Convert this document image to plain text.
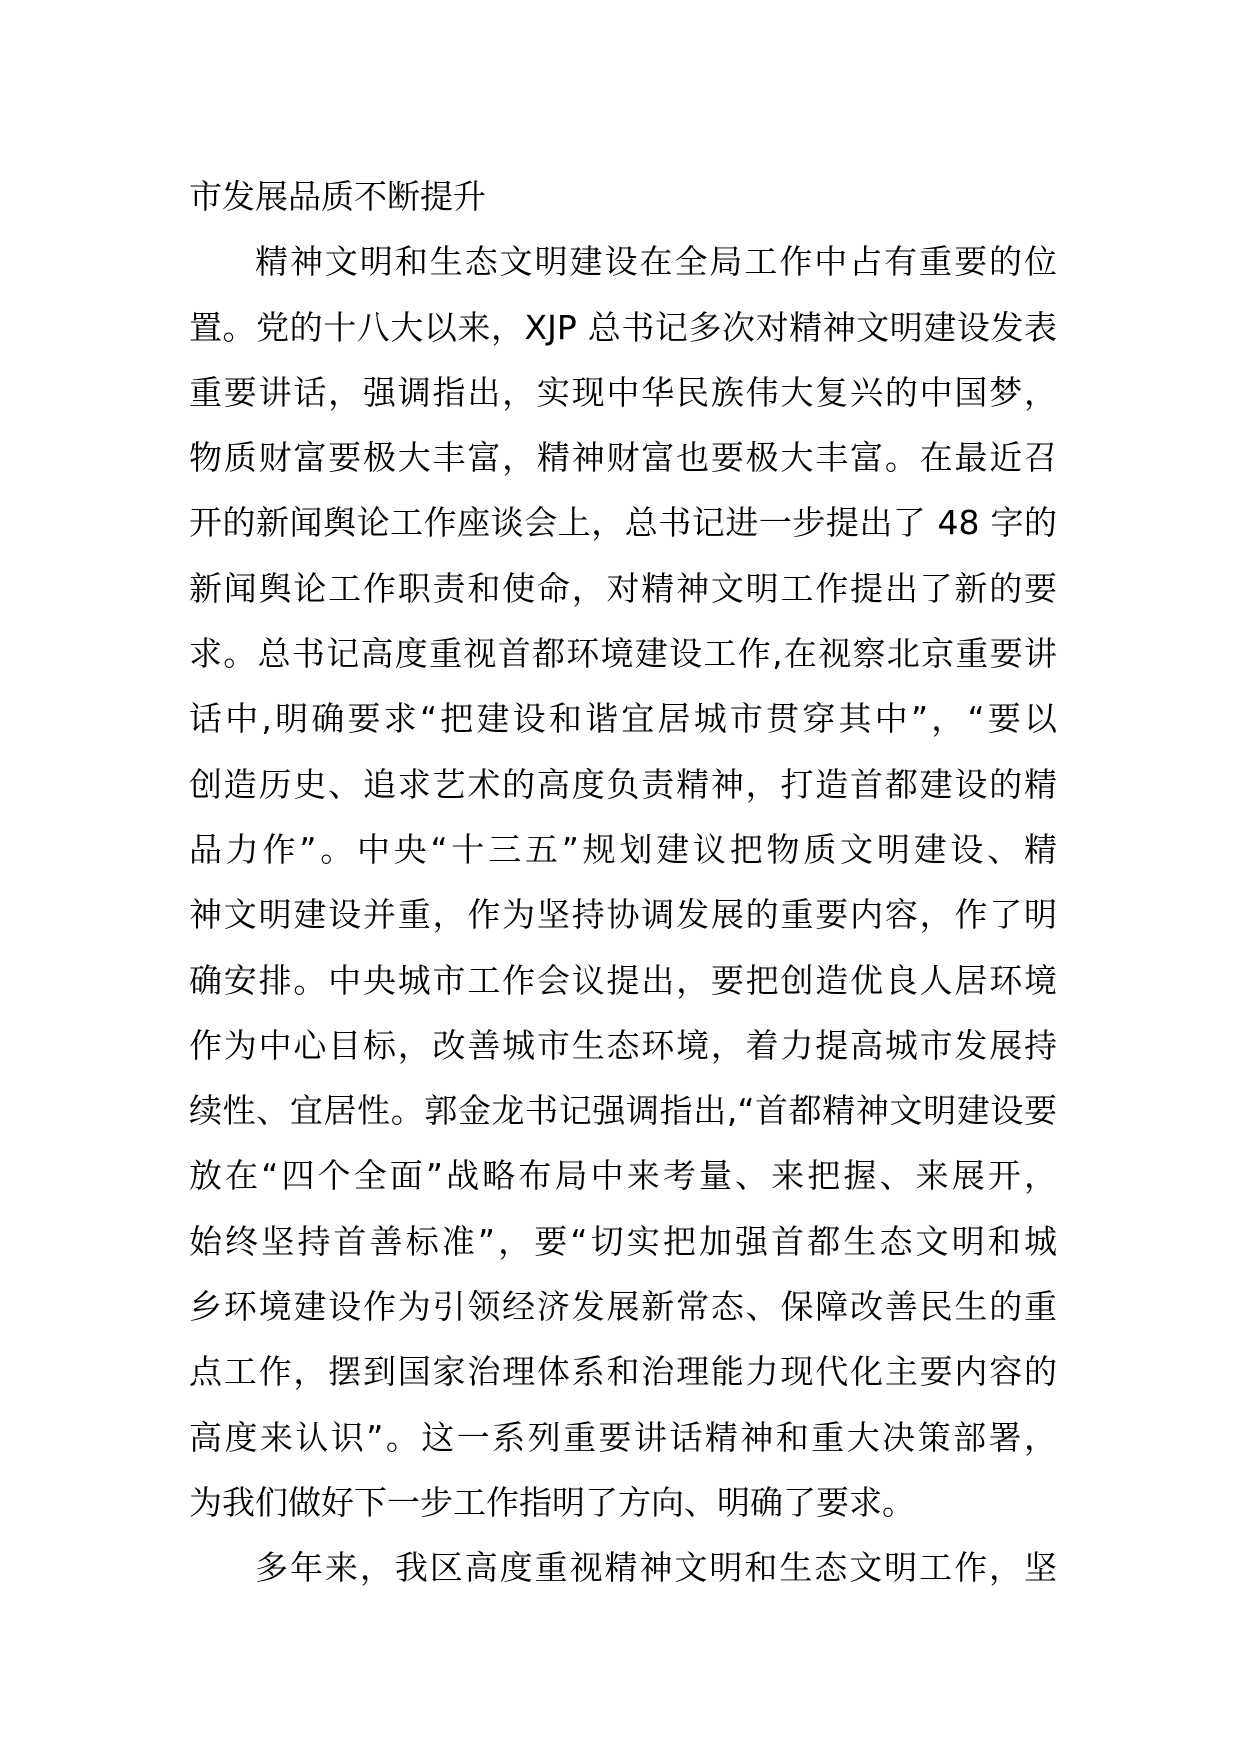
市发展品质不断提升
精神文明和生态文明建设在全局工作中占有重要的位
置。党的十八大以来，XJP 总书记多次对精神文明建设发表
重要讲话，强调指出，实现中华民族伟大复兴的中国梦，
物质财富要极大丰富，精神财富也要极大丰富。在最近召
开的新闻舆论工作座谈会上，总书记进一步提出了 48 字的
新闻舆论工作职责和使命，对精神文明工作提出了新的要
求。总书记高度重视首都环境建设工作,在视察北京重要讲
话中,明确要求“把建设和谐宜居城市贯穿其中”，“要以
创造历史、追求艺术的高度负责精神，打造首都建设的精
品力作”。中央“十三五”规划建议把物质文明建设、精
神文明建设并重，作为坚持协调发展的重要内容，作了明
确安排。中央城市工作会议提出，要把创造优良人居环境
作为中心目标，改善城市生态环境，着力提高城市发展持
续性、宜居性。郭金龙书记强调指出,“首都精神文明建设要
放在“四个全面”战略布局中来考量、来把握、来展开，
始终坚持首善标准”，要“切实把加强首都生态文明和城
乡环境建设作为引领经济发展新常态、保障改善民生的重
点工作，摆到国家治理体系和治理能力现代化主要内容的
高度来认识”。这一系列重要讲话精神和重大决策部署，
为我们做好下一步工作指明了方向、明确了要求。
多年来，我区高度重视精神文明和生态文明工作，坚
